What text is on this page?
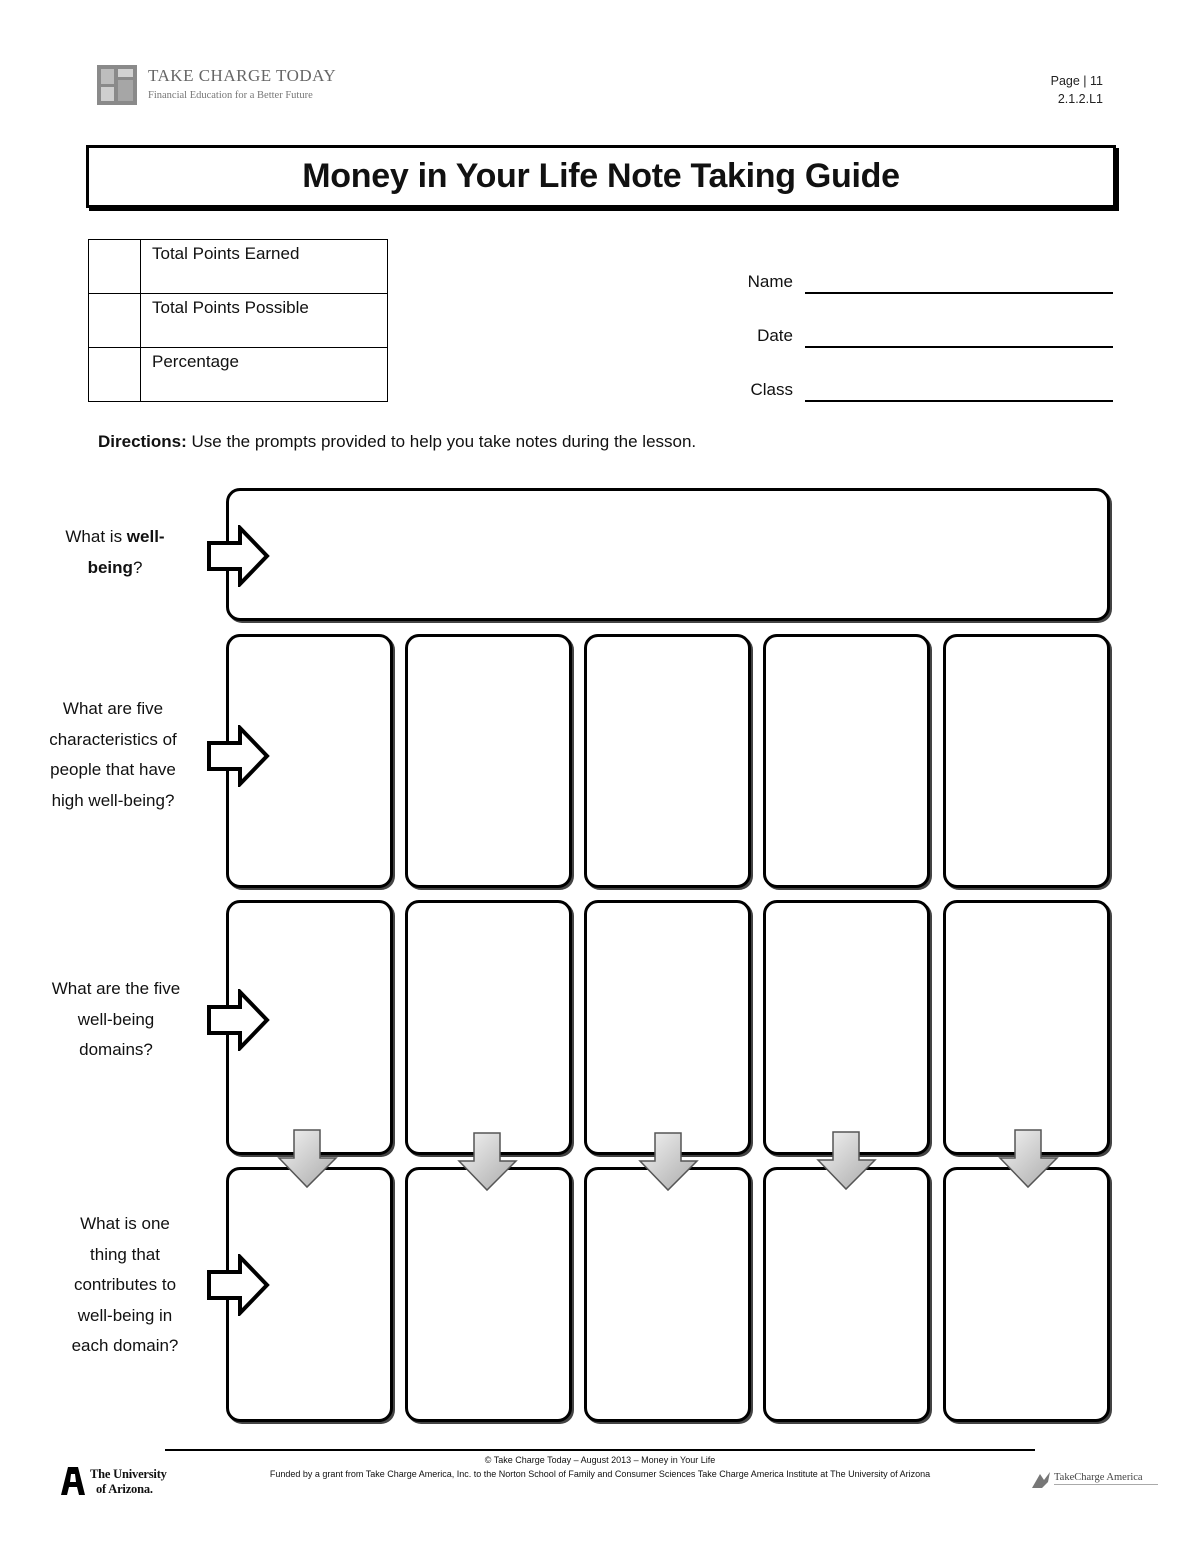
TAKE CHARGE TODAY
Financial Education for a Better Future
Page | 11
2.1.2.L1
Money in Your Life Note Taking Guide
	Total Points Earned
	Total Points Possible
	Percentage
Name
Date
Class
Directions: Use the prompts provided to help you take notes during the lesson.
What is well-
being?
What are five
characteristics of
people that have
high well-being?
What are the five
well-being
domains?
What is one
thing that
contributes to
well-being in
each domain?
© Take Charge Today – August 2013 – Money in Your Life
Funded by a grant from Take Charge America, Inc. to the Norton School of Family and Consumer Sciences Take Charge America Institute at The University of Arizona
The University
of Arizona.
TakeCharge America
